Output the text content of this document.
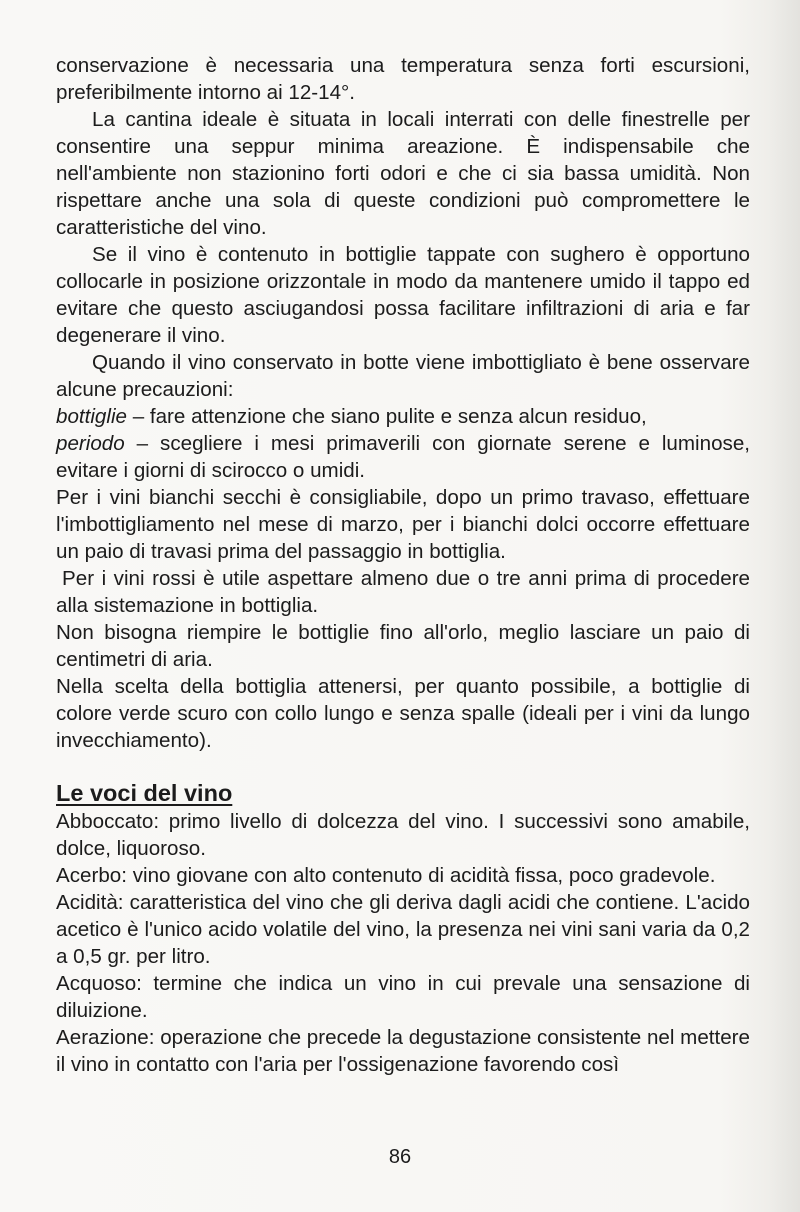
conservazione è necessaria una temperatura senza forti escursioni, preferibilmente intorno ai 12-14°.

La cantina ideale è situata in locali interrati con delle finestrelle per consentire una seppur minima areazione. È indispensabile che nell'ambiente non stazionino forti odori e che ci sia bassa umidità. Non rispettare anche una sola di queste condizioni può compromettere le caratteristiche del vino.

Se il vino è contenuto in bottiglie tappate con sughero è opportuno collocarle in posizione orizzontale in modo da mantenere umido il tappo ed evitare che questo asciugandosi possa facilitare infiltrazioni di aria e far degenerare il vino.

Quando il vino conservato in botte viene imbottigliato è bene osservare alcune precauzioni:

bottiglie – fare attenzione che siano pulite e senza alcun residuo,

periodo – scegliere i mesi primaverili con giornate serene e luminose, evitare i giorni di scirocco o umidi.

Per i vini bianchi secchi è consigliabile, dopo un primo travaso, effettuare l'imbottigliamento nel mese di marzo, per i bianchi dolci occorre effettuare un paio di travasi prima del passaggio in bottiglia.

Per i vini rossi è utile aspettare almeno due o tre anni prima di procedere alla sistemazione in bottiglia.

Non bisogna riempire le bottiglie fino all'orlo, meglio lasciare un paio di centimetri di aria.

Nella scelta della bottiglia attenersi, per quanto possibile, a bottiglie di colore verde scuro con collo lungo e senza spalle (ideali per i vini da lungo invecchiamento).

Le voci del vino

Abboccato: primo livello di dolcezza del vino. I successivi sono amabile, dolce, liquoroso.

Acerbo: vino giovane con alto contenuto di acidità fissa, poco gradevole.

Acidità: caratteristica del vino che gli deriva dagli acidi che contiene. L'acido acetico è l'unico acido volatile del vino, la presenza nei vini sani varia da 0,2 a 0,5 gr. per litro.

Acquoso: termine che indica un vino in cui prevale una sensazione di diluizione.

Aerazione: operazione che precede la degustazione consistente nel mettere il vino in contatto con l'aria per l'ossigenazione favorendo così

86
